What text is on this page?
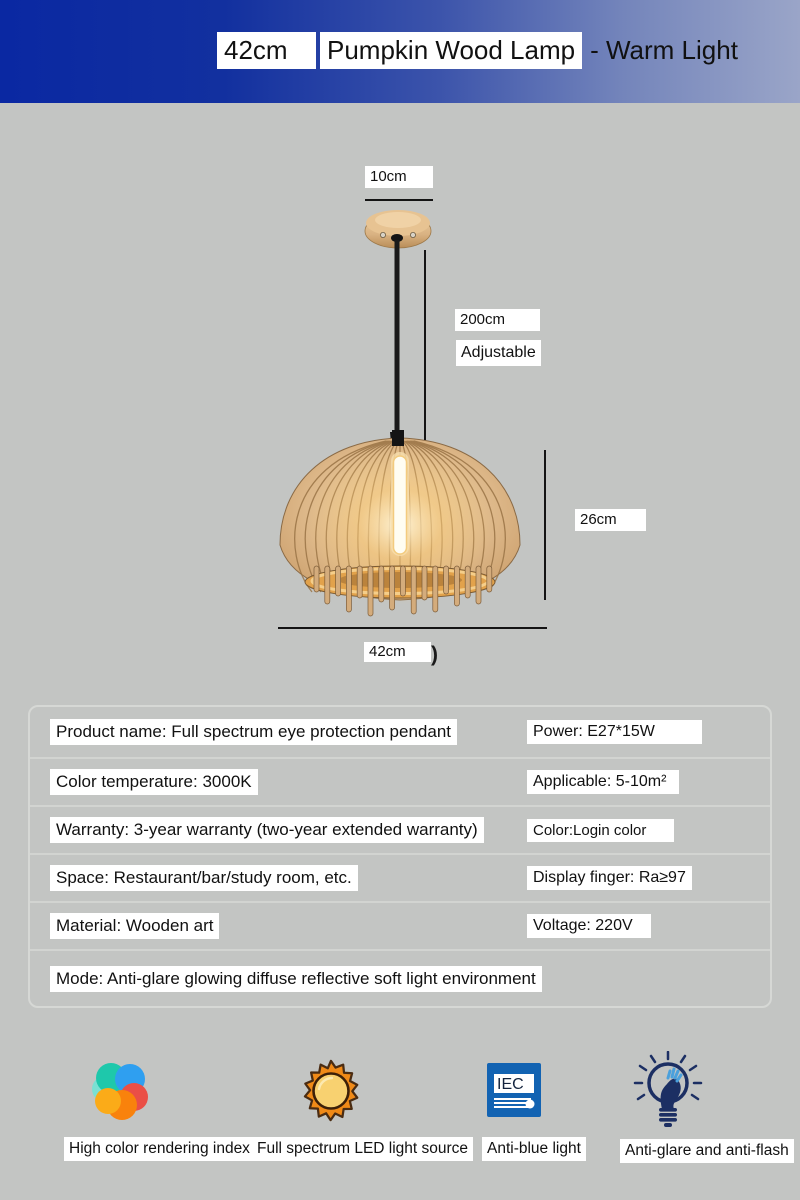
42cm	Pumpkin Wood Lamp - Warm Light
10cm
200cm
Adjustable
26cm
42cm	)
Product name: Full spectrum eye protection pendant	Power: E27*15W
Color temperature: 3000K	Applicable: 5-10m²
Warranty: 3-year warranty (two-year extended warranty)	Color:Login color
Space: Restaurant/bar/study room, etc.	Display finger: Ra≥97
Material: Wooden art	Voltage: 220V
Mode: Anti-glare glowing diffuse reflective soft light environment
High color rendering index Full spectrum LED light source
IEC
Anti-blue light	Anti-glare and anti-flash
